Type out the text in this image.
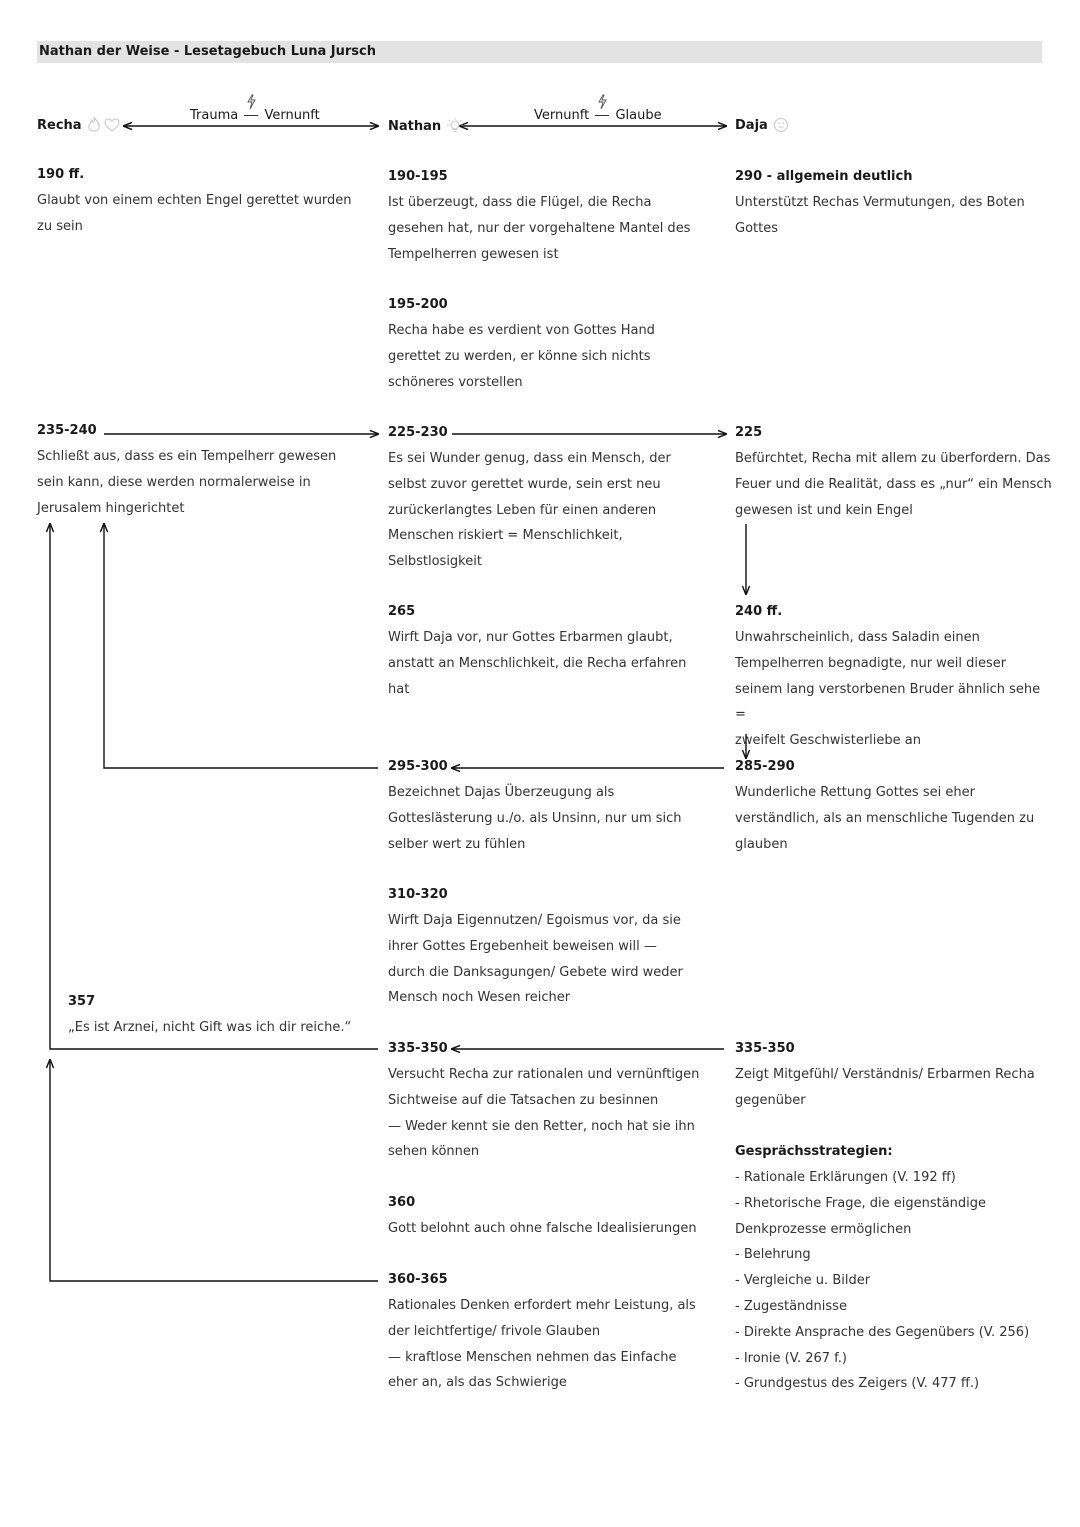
Nathan der Weise - Lesetagebuch Luna Jursch
Recha	Nathan	Daja
Trauma Vernunft	Vernunft Glaube
190 ff.
Glaubt von einem echten Engel gerettet wurden
zu sein
235-240
Schließt aus, dass es ein Tempelherr gewesen
sein kann, diese werden normalerweise in
Jerusalem hingerichtet
357
„Es ist Arznei, nicht Gift was ich dir reiche.“
190-195
Ist überzeugt, dass die Flügel, die Recha
gesehen hat, nur der vorgehaltene Mantel des
Tempelherren gewesen ist
195-200
Recha habe es verdient von Gottes Hand
gerettet zu werden, er könne sich nichts
schöneres vorstellen
225-230
Es sei Wunder genug, dass ein Mensch, der
selbst zuvor gerettet wurde, sein erst neu
zurückerlangtes Leben für einen anderen
Menschen riskiert = Menschlichkeit,
Selbstlosigkeit
265
Wirft Daja vor, nur Gottes Erbarmen glaubt,
anstatt an Menschlichkeit, die Recha erfahren
hat
295-300
Bezeichnet Dajas Überzeugung als
Gotteslästerung u./o. als Unsinn, nur um sich
selber wert zu fühlen
310-320
Wirft Daja Eigennutzen/ Egoismus vor, da sie
ihrer Gottes Ergebenheit beweisen will —
durch die Danksagungen/ Gebete wird weder
Mensch noch Wesen reicher
335-350
Versucht Recha zur rationalen und vernünftigen
Sichtweise auf die Tatsachen zu besinnen
— Weder kennt sie den Retter, noch hat sie ihn
sehen können
360
Gott belohnt auch ohne falsche Idealisierungen
360-365
Rationales Denken erfordert mehr Leistung, als
der leichtfertige/ frivole Glauben
— kraftlose Menschen nehmen das Einfache
eher an, als das Schwierige
290 - allgemein deutlich
Unterstützt Rechas Vermutungen, des Boten
Gottes
225
Befürchtet, Recha mit allem zu überfordern. Das
Feuer und die Realität, dass es „nur“ ein Mensch
gewesen ist und kein Engel
240 ff.
Unwahrscheinlich, dass Saladin einen
Tempelherren begnadigte, nur weil dieser
seinem lang verstorbenen Bruder ähnlich sehe =
zweifelt Geschwisterliebe an
285-290
Wunderliche Rettung Gottes sei eher
verständlich, als an menschliche Tugenden zu
glauben
335-350
Zeigt Mitgefühl/ Verständnis/ Erbarmen Recha
gegenüber
Gesprächsstrategien:
- Rationale Erklärungen (V. 192 ff)
- Rhetorische Frage, die eigenständige
Denkprozesse ermöglichen
- Belehrung
- Vergleiche u. Bilder
- Zugeständnisse
- Direkte Ansprache des Gegenübers (V. 256)
- Ironie (V. 267 f.)
- Grundgestus des Zeigers (V. 477 ff.)
